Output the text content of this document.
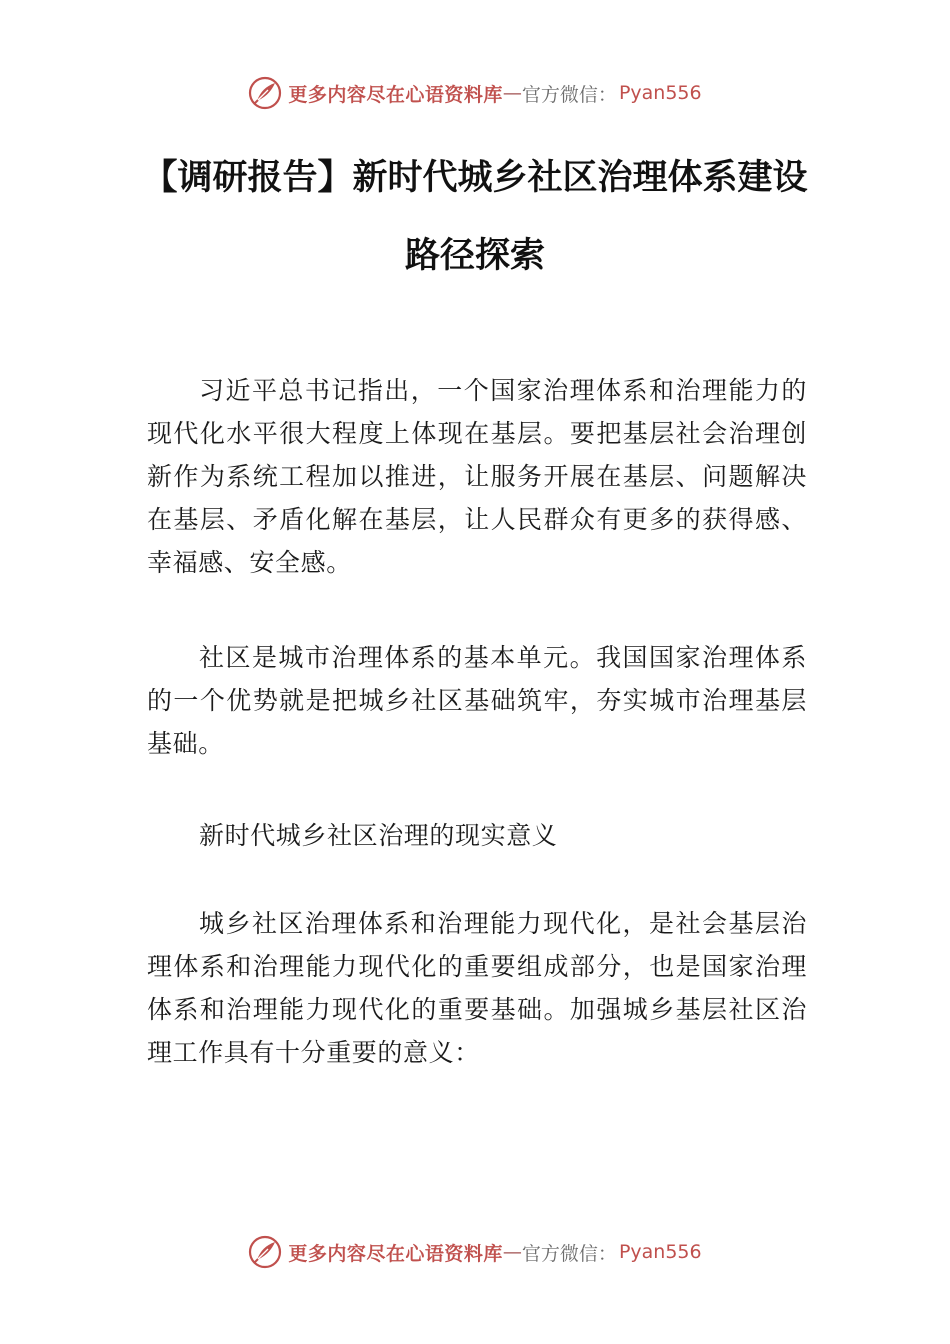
更多内容尽在心语资料库 — 官方微信： Pyan556
【调研报告】新时代城乡社区治理体系建设
路径探索

习近平总书记指出，一个国家治理体系和治理能力的现代化水平很大程度上体现在基层。要把基层社会治理创新作为系统工程加以推进，让服务开展在基层、问题解决在基层、矛盾化解在基层，让人民群众有更多的获得感、幸福感、安全感。

社区是城市治理体系的基本单元。我国国家治理体系的一个优势就是把城乡社区基础筑牢，夯实城市治理基层基础。

新时代城乡社区治理的现实意义

城乡社区治理体系和治理能力现代化，是社会基层治理体系和治理能力现代化的重要组成部分，也是国家治理体系和治理能力现代化的重要基础。加强城乡基层社区治理工作具有十分重要的意义：

更多内容尽在心语资料库 — 官方微信： Pyan556
